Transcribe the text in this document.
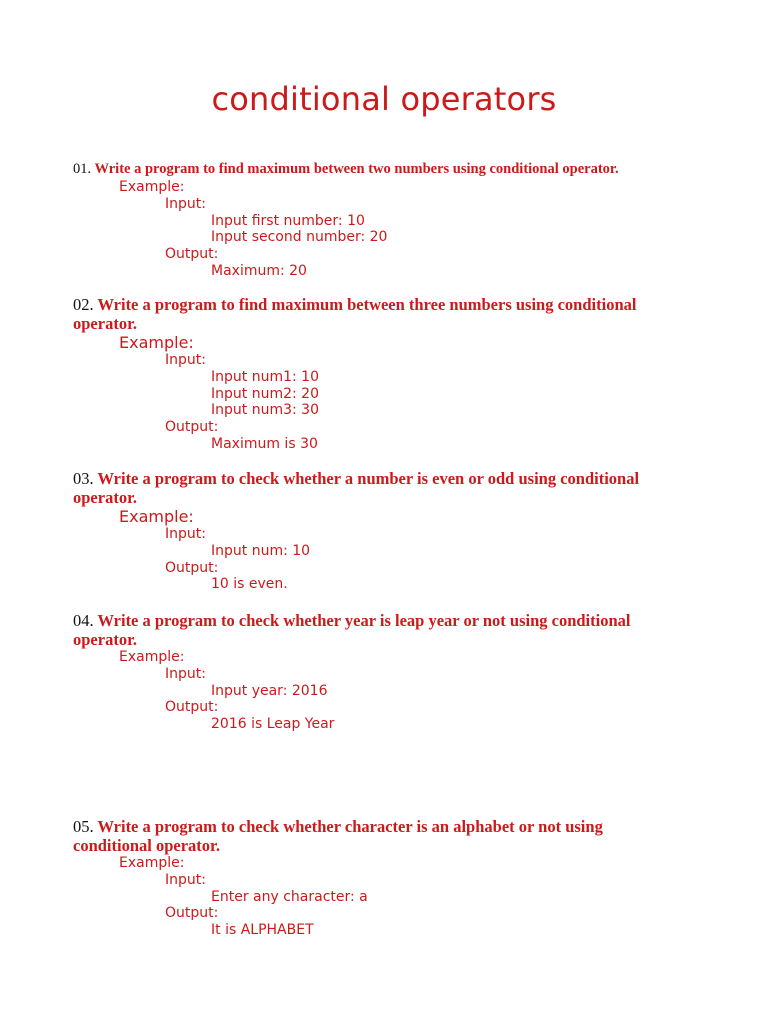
conditional operators
01. Write a program to find maximum between two numbers using conditional operator.
Example:
Input:
Input first number: 10
Input second number: 20
Output:
Maximum: 20
02. Write a program to find maximum between three numbers using conditional
operator.
Example:
Input:
Input num1: 10
Input num2: 20
Input num3: 30
Output:
Maximum is 30
03. Write a program to check whether a number is even or odd using conditional
operator.
Example:
Input:
Input num: 10
Output:
10 is even.
04. Write a program to check whether year is leap year or not using conditional
operator.
Example:
Input:
Input year: 2016
Output:
2016 is Leap Year
05. Write a program to check whether character is an alphabet or not using
conditional operator.
Example:
Input:
Enter any character: a
Output:
It is ALPHABET
